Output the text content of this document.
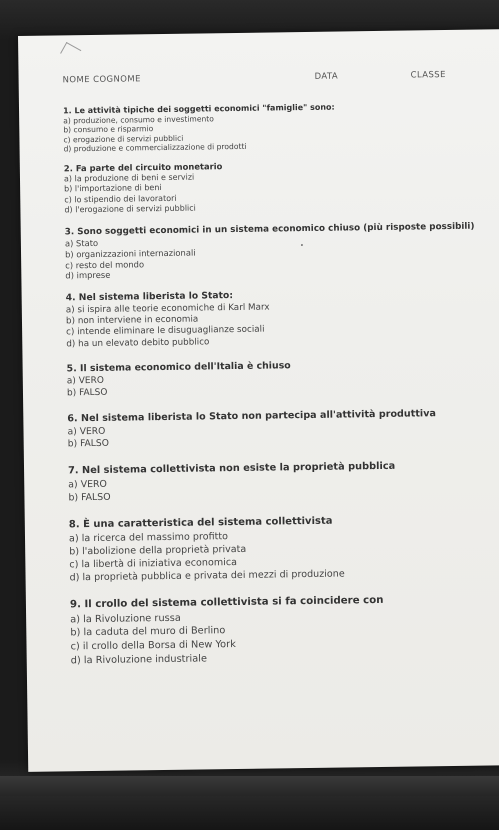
NOME COGNOME	DATA	CLASSE

1. Le attività tipiche dei soggetti economici "famiglie" sono:

a) produzione, consumo e investimento

b) consumo e risparmio

c) erogazione di servizi pubblici

d) produzione e commercializzazione di prodotti

2. Fa parte del circuito monetario

a) la produzione di beni e servizi

b) l'importazione di beni

c) lo stipendio dei lavoratori

d) l'erogazione di servizi pubblici

3. Sono soggetti economici in un sistema economico chiuso (più risposte possibili)

a) Stato

b) organizzazioni internazionali

c) resto del mondo

d) imprese

4. Nel sistema liberista lo Stato:

a) si ispira alle teorie economiche di Karl Marx

b) non interviene in economia

c) intende eliminare le disuguaglianze sociali

d) ha un elevato debito pubblico

5. Il sistema economico dell'Italia è chiuso

a) VERO

b) FALSO

6. Nel sistema liberista lo Stato non partecipa all'attività produttiva

a) VERO

b) FALSO

7. Nel sistema collettivista non esiste la proprietà pubblica

a) VERO

b) FALSO

8. È una caratteristica del sistema collettivista

a) la ricerca del massimo profitto

b) l'abolizione della proprietà privata

c) la libertà di iniziativa economica

d) la proprietà pubblica e privata dei mezzi di produzione

9. Il crollo del sistema collettivista si fa coincidere con

a) la Rivoluzione russa

b) la caduta del muro di Berlino

c) il crollo della Borsa di New York

d) la Rivoluzione industriale
